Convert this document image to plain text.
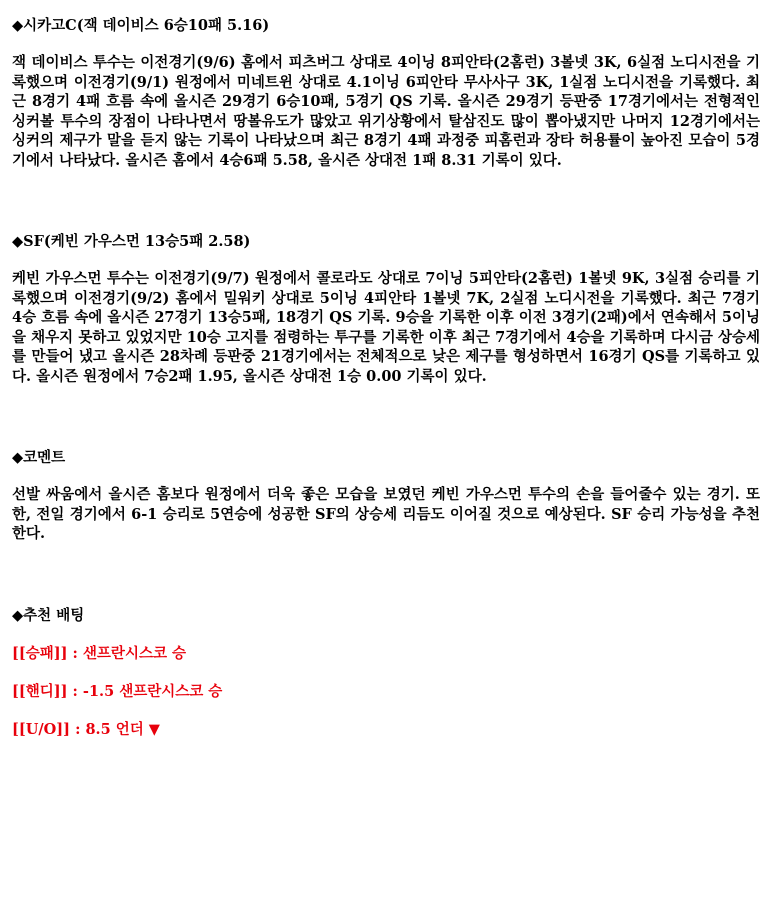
◆시카고C(잭 데이비스 6승10패 5.16)

잭 데이비스 투수는 이전경기(9/6) 홈에서 피츠버그 상대로 4이닝 8피안타(2홈런) 3볼넷 3K, 6실점 노디시전을 기록했으며 이전경기(9/1) 원정에서 미네트윈 상대로 4.1이닝 6피안타 무사사구 3K, 1실점 노디시전을 기록했다. 최근 8경기 4패 흐름 속에 올시즌 29경기 6승10패, 5경기 QS 기록. 올시즌 29경기 등판중 17경기에서는 전형적인 싱커볼 투수의 장점이 나타나면서 땅볼유도가 많았고 위기상황에서 탈삼진도 많이 뽑아냈지만 나머지 12경기에서는 싱커의 제구가 말을 듣지 않는 기록이 나타났으며 최근 8경기 4패 과정중 피홈런과 장타 허용률이 높아진 모습이 5경기에서 나타났다. 올시즌 홈에서 4승6패 5.58, 올시즌 상대전 1패 8.31 기록이 있다.

◆SF(케빈 가우스먼 13승5패 2.58)

케빈 가우스먼 투수는 이전경기(9/7) 원정에서 콜로라도 상대로 7이닝 5피안타(2홈런) 1볼넷 9K, 3실점 승리를 기록했으며 이전경기(9/2) 홈에서 밀워키 상대로 5이닝 4피안타 1볼넷 7K, 2실점 노디시전을 기록했다. 최근 7경기 4승 흐름 속에 올시즌 27경기 13승5패, 18경기 QS 기록. 9승을 기록한 이후 이전 3경기(2패)에서 연속해서 5이닝을 채우지 못하고 있었지만 10승 고지를 점령하는 투구를 기록한 이후 최근 7경기에서 4승을 기록하며 다시금 상승세를 만들어 냈고 올시즌 28차례 등판중 21경기에서는 전체적으로 낮은 제구를 형성하면서 16경기 QS를 기록하고 있다. 올시즌 원정에서 7승2패 1.95, 올시즌 상대전 1승 0.00 기록이 있다.

◆코멘트

선발 싸움에서 올시즌 홈보다 원정에서 더욱 좋은 모습을 보였던 케빈 가우스먼 투수의 손을 들어줄수 있는 경기. 또한, 전일 경기에서 6-1 승리로 5연승에 성공한 SF의 상승세 리듬도 이어질 것으로 예상된다. SF 승리 가능성을 추천한다.

◆추천 배팅

[[승패]] : 샌프란시스코 승

[[핸디]] : -1.5 샌프란시스코 승

[[U/O]] : 8.5 언더 ▼
